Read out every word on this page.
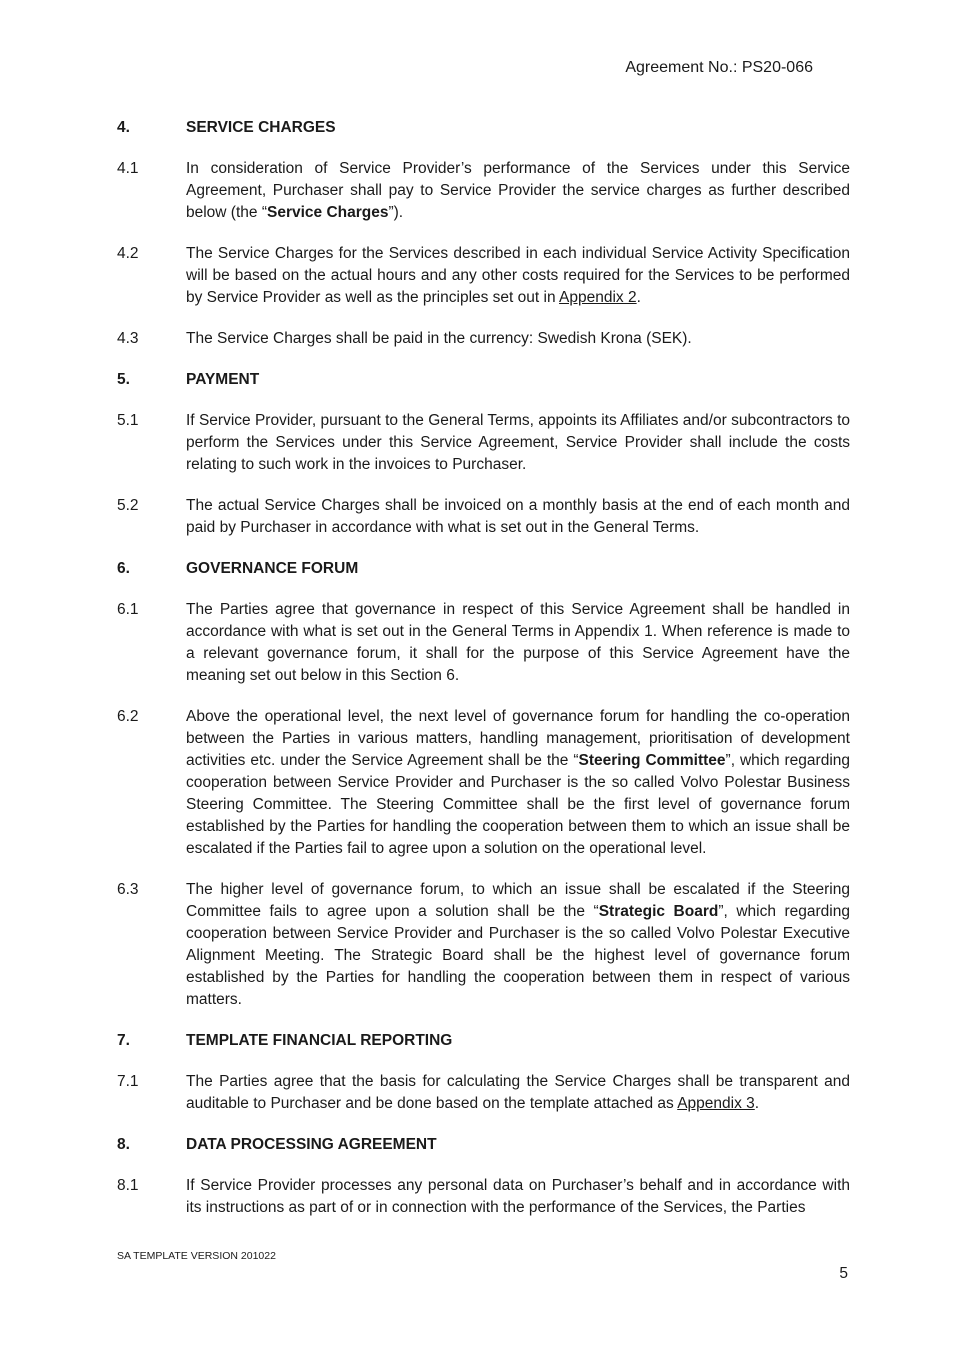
Agreement No.: PS20-066
4.	SERVICE CHARGES
4.1	In consideration of Service Provider’s performance of the Services under this Service Agreement, Purchaser shall pay to Service Provider the service charges as further described below (the “Service Charges”).
4.2	The Service Charges for the Services described in each individual Service Activity Specification will be based on the actual hours and any other costs required for the Services to be performed by Service Provider as well as the principles set out in Appendix 2.
4.3	The Service Charges shall be paid in the currency: Swedish Krona (SEK).
5.	PAYMENT
5.1	If Service Provider, pursuant to the General Terms, appoints its Affiliates and/or subcontractors to perform the Services under this Service Agreement, Service Provider shall include the costs relating to such work in the invoices to Purchaser.
5.2	The actual Service Charges shall be invoiced on a monthly basis at the end of each month and paid by Purchaser in accordance with what is set out in the General Terms.
6.	GOVERNANCE FORUM
6.1	The Parties agree that governance in respect of this Service Agreement shall be handled in accordance with what is set out in the General Terms in Appendix 1. When reference is made to a relevant governance forum, it shall for the purpose of this Service Agreement have the meaning set out below in this Section 6.
6.2	Above the operational level, the next level of governance forum for handling the co-operation between the Parties in various matters, handling management, prioritisation of development activities etc. under the Service Agreement shall be the “Steering Committee”, which regarding cooperation between Service Provider and Purchaser is the so called Volvo Polestar Business Steering Committee. The Steering Committee shall be the first level of governance forum established by the Parties for handling the cooperation between them to which an issue shall be escalated if the Parties fail to agree upon a solution on the operational level.
6.3	The higher level of governance forum, to which an issue shall be escalated if the Steering Committee fails to agree upon a solution shall be the “Strategic Board”, which regarding cooperation between Service Provider and Purchaser is the so called Volvo Polestar Executive Alignment Meeting. The Strategic Board shall be the highest level of governance forum established by the Parties for handling the cooperation between them in respect of various matters.
7.	TEMPLATE FINANCIAL REPORTING
7.1	The Parties agree that the basis for calculating the Service Charges shall be transparent and auditable to Purchaser and be done based on the template attached as Appendix 3.
8.	DATA PROCESSING AGREEMENT
8.1	If Service Provider processes any personal data on Purchaser’s behalf and in accordance with its instructions as part of or in connection with the performance of the Services, the Parties
SA TEMPLATE VERSION 201022
5
